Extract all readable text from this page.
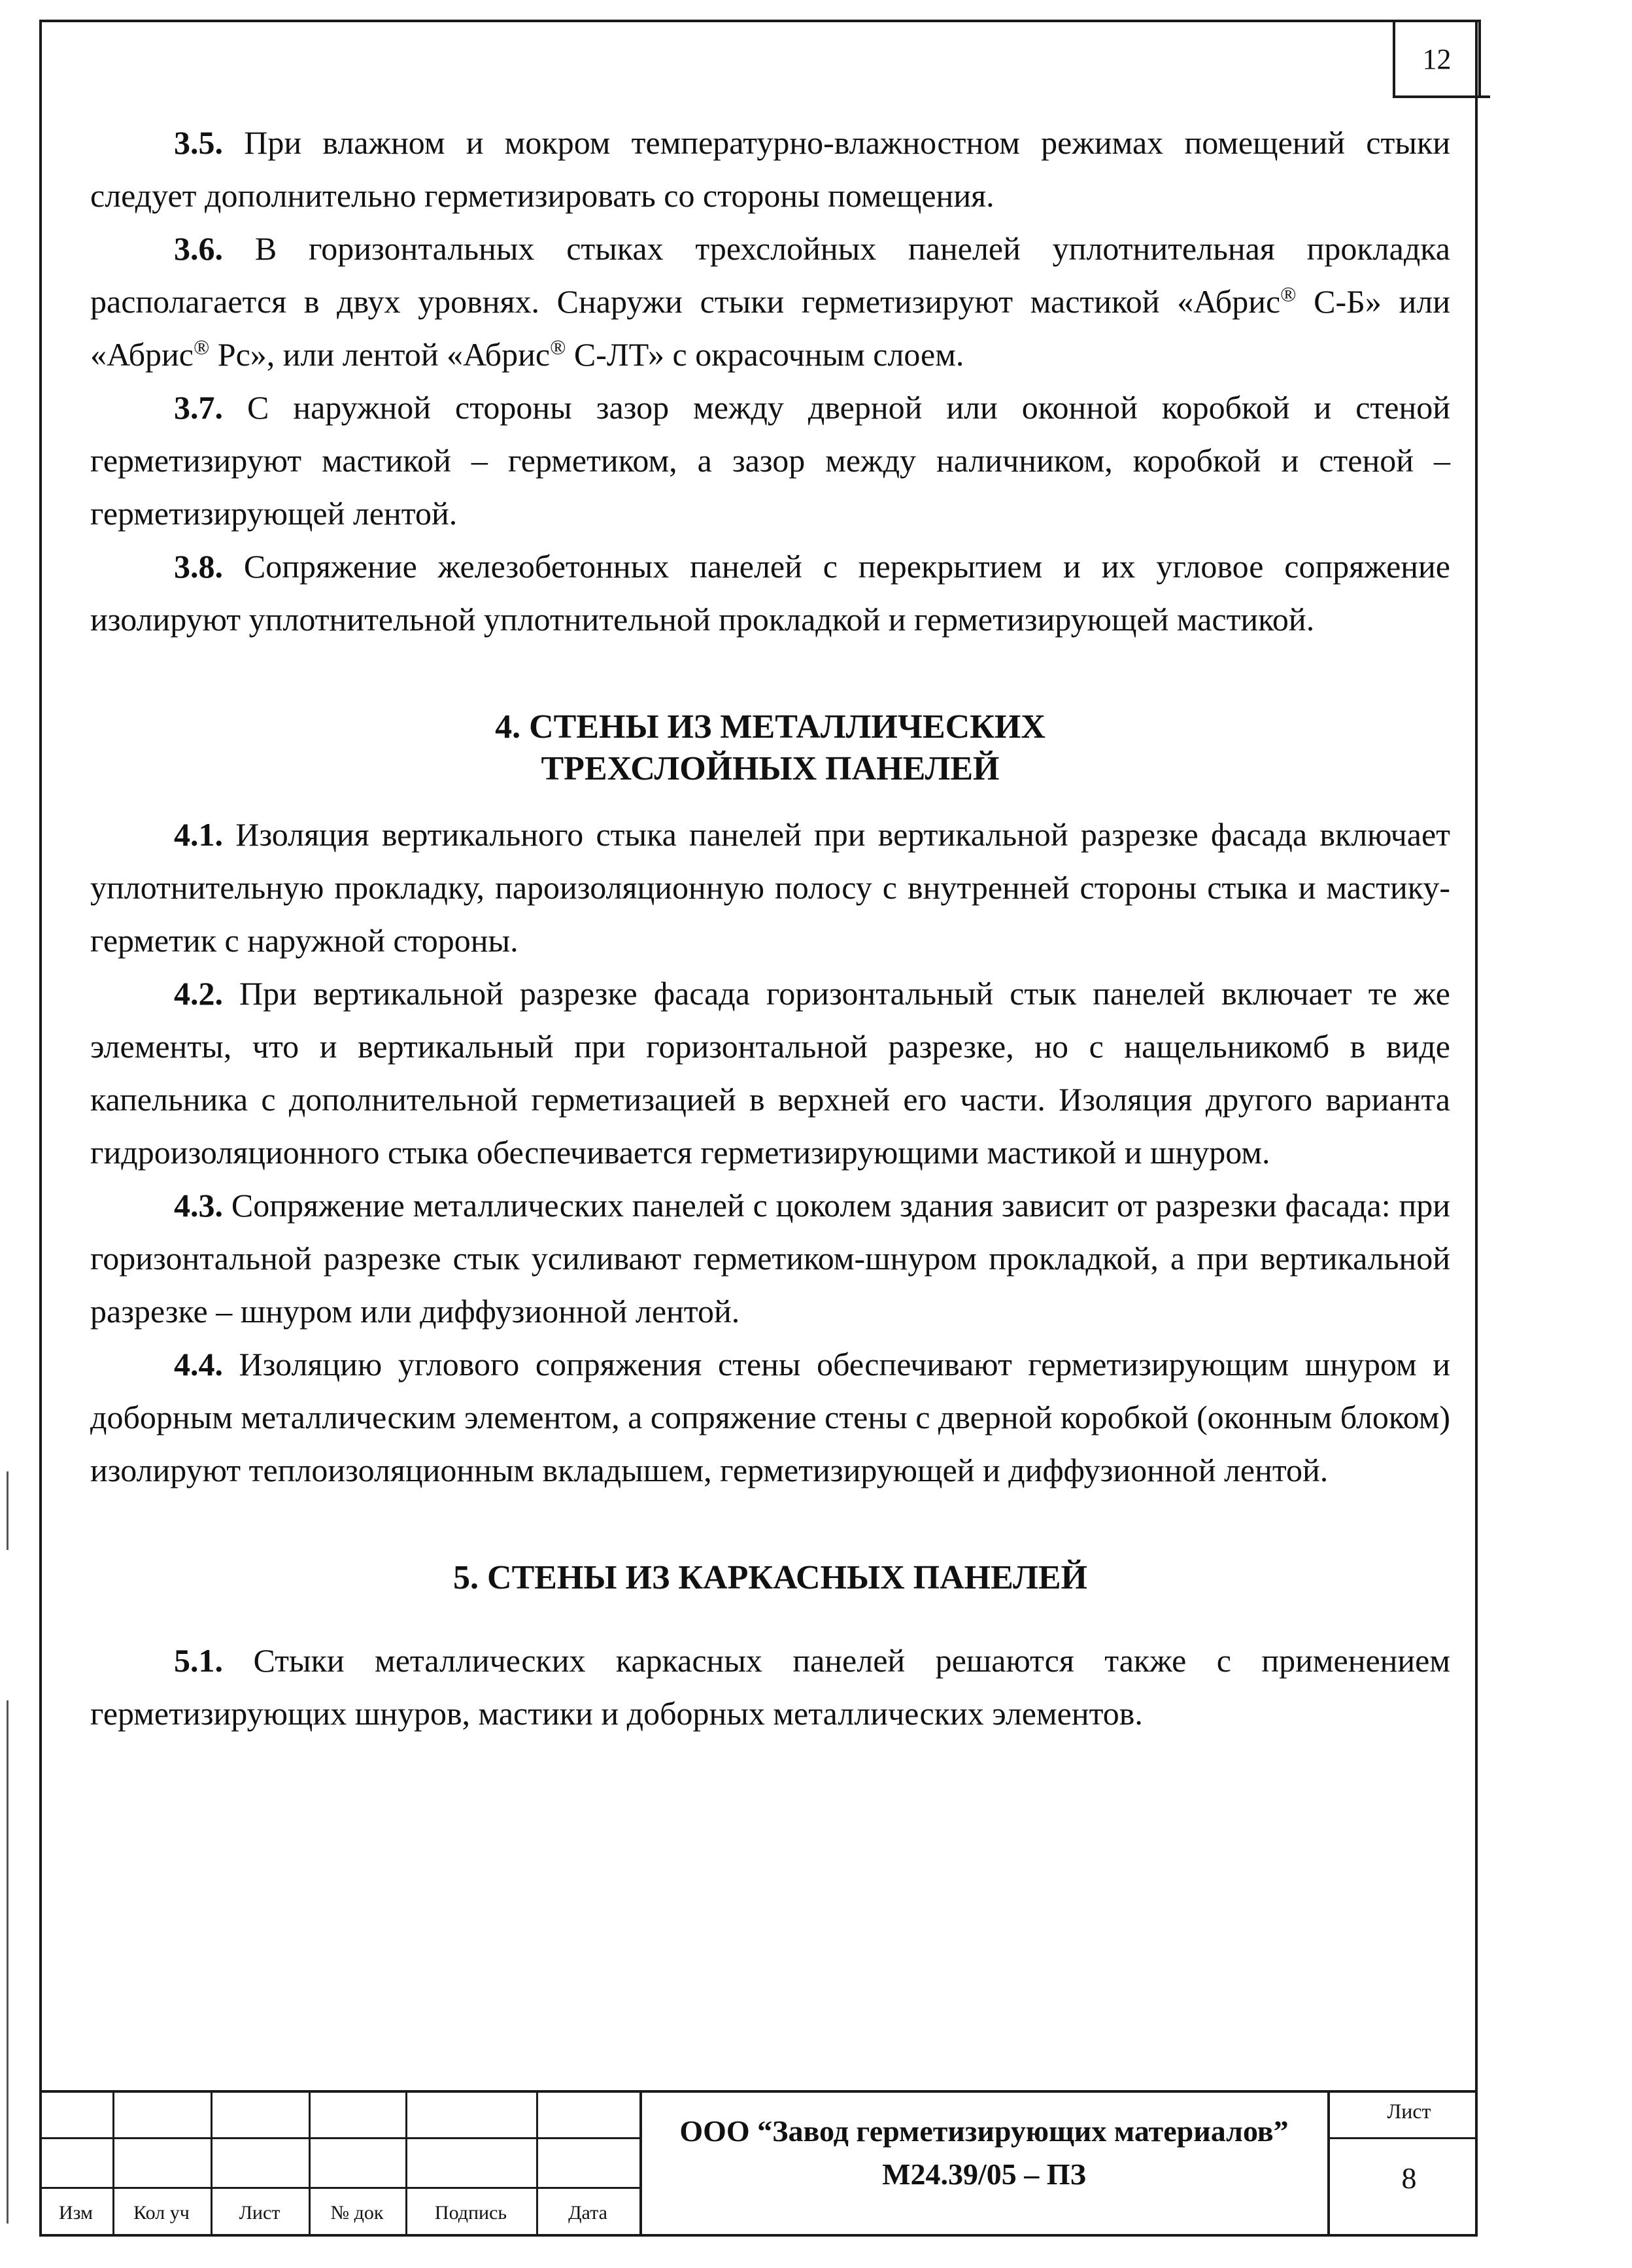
12

3.5. При влажном и мокром температурно-влажностном режимах помещений стыки следует дополнительно герметизировать со стороны помещения.

3.6. В горизонтальных стыках трехслойных панелей уплотнительная прокладка располагается в двух уровнях. Снаружи стыки герметизируют мастикой «Абрис® С-Б» или «Абрис® Рс», или лентой «Абрис® С-ЛТ» с окрасочным слоем.

3.7. С наружной стороны зазор между дверной или оконной коробкой и стеной герметизируют мастикой – герметиком, а зазор между наличником, коробкой и стеной – герметизирующей лентой.

3.8. Сопряжение железобетонных панелей с перекрытием и их угловое сопряжение изолируют уплотнительной уплотнительной прокладкой и герметизирующей мастикой.

4. СТЕНЫ ИЗ МЕТАЛЛИЧЕСКИХ
ТРЕХСЛОЙНЫХ ПАНЕЛЕЙ

4.1. Изоляция вертикального стыка панелей при вертикальной разрезке фасада включает уплотнительную прокладку, пароизоляционную полосу с внутренней стороны стыка и мастику-герметик с наружной стороны.

4.2. При вертикальной разрезке фасада горизонтальный стык панелей включает те же элементы, что и вертикальный при горизонтальной разрезке, но с нащельникомб в виде капельника с дополнительной герметизацией в верхней его части. Изоляция другого варианта гидроизоляционного стыка обеспечивается герметизирующими мастикой и шнуром.

4.3. Сопряжение металлических панелей с цоколем здания зависит от разрезки фасада: при горизонтальной разрезке стык усиливают герметиком-шнуром прокладкой, а при вертикальной разрезке – шнуром или диффузионной лентой.

4.4. Изоляцию углового сопряжения стены обеспечивают герметизирующим шнуром и доборным металлическим элементом, а сопряжение стены с дверной коробкой (оконным блоком) изолируют теплоизоляционным вкладышем, герметизирующей и диффузионной лентой.

5. СТЕНЫ ИЗ КАРКАСНЫХ ПАНЕЛЕЙ

5.1. Стыки металлических каркасных панелей решаются также с применением герметизирующих шнуров, мастики и доборных металлических элементов.

Изм	Кол уч	Лист	№ док	Подпись	Дата
ООО “Завод герметизирующих материалов”
М24.39/05 – ПЗ
Лист
8
